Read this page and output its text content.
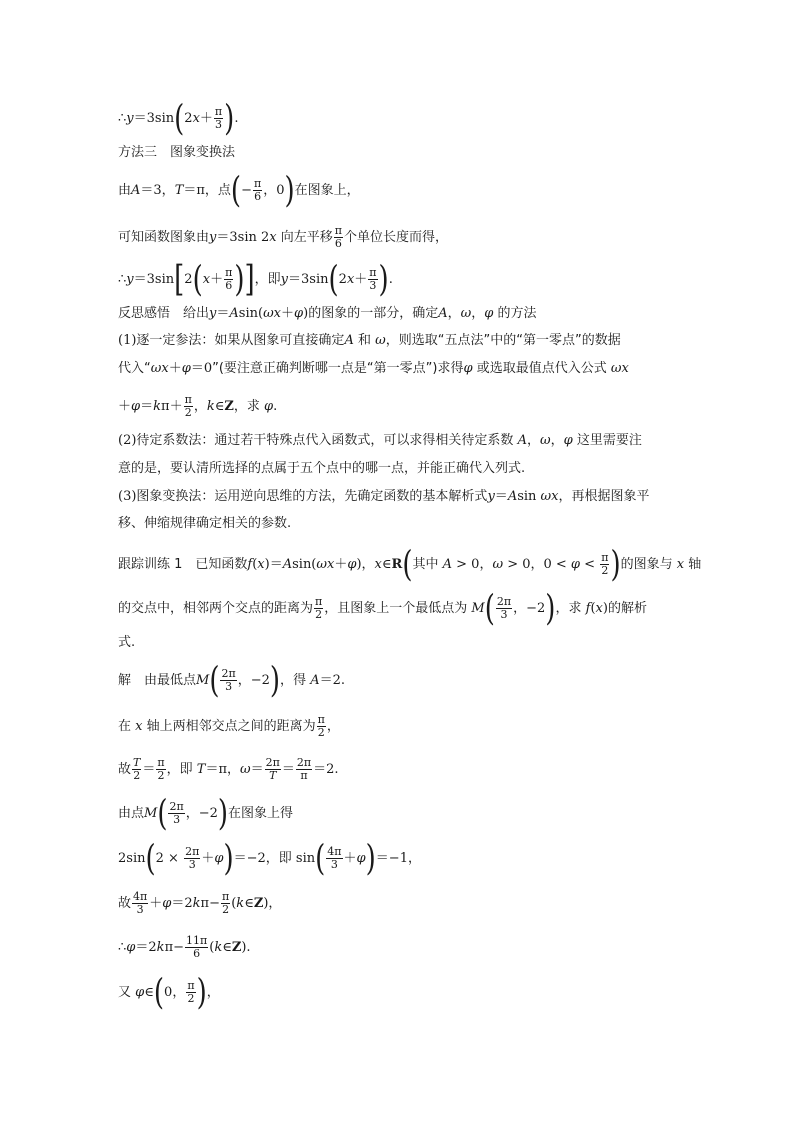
∴y＝3sin(2x＋ $\frac{\pi}{3}$ ).
方法三　图象变换法
由A＝3，T＝π，点(− $\frac{\pi}{6}$ ，0)在图象上，
可知函数图象由y＝3sin 2x 向左平移 $\frac{\pi}{6}$ 个单位长度而得，
∴y＝3sin[2(x＋ $\frac{\pi}{6}$ )]，即$y=3\sin(2x+ \frac{\pi}{3}$ ).
反思感悟　给出y＝Asin(ωx＋φ)的图象的一部分，确定A，ω，φ 的方法
(1)逐一定参法：如果从图象可直接确定A 和 ω，则选取“五点法”中的“第一零点”的数据
代入“ωx＋φ＝0”(要注意正确判断哪一点是“第一零点”)求得φ 或选取最值点代入公式 ωx
$+\varphi=k\pi+ \frac{\pi}{2}$ ，k∈Z，求 φ.
(2)待定系数法：通过若干特殊点代入函数式，可以求得相关待定系数 A，ω，φ 这里需要注
意的是，要认清所选择的点属于五个点中的哪一点，并能正确代入列式.
(3)图象变换法：运用逆向思维的方法，先确定函数的基本解析式y＝Asin ωx，再根据图象平
移、伸缩规律确定相关的参数.
跟踪训练 1　已知函数f(x)＝Asin(ωx＋φ)，x∈R(其中 A > 0，ω > 0，$0 < \varphi < \frac{\pi}{2}$ )的图象与 x 轴
的交点中，相邻两个交点的距离为 $\frac{\pi}{2}$ ，且图象上一个最低点为 $M( \frac{2\pi}{3}$ ，−2)，求 f(x)的解析
式.
解　由最低点$M( \frac{2\pi}{3}$ ，−2)，得 A＝2.
在 x 轴上两相邻交点之间的距离为 $\frac{\pi}{2}$ ，
故 $\frac{T}{2} = \frac{\pi}{2}$ ，即 T＝π，$\omega= \frac{2\pi}{T} = \frac{2\pi}{\pi} =2$.
由点$M( \frac{2\pi}{3}$ ，−2)在图象上得
$2\sin(2 \times \frac{2\pi}{3} +\varphi)=-2$，即 $\sin( \frac{4\pi}{3} +\varphi)=-1$，
故 $\frac{4\pi}{3} +\varphi=2k\pi- \frac{\pi}{2}$ (k∈Z)，
∴φ＝2kπ− $\frac{11\pi}{6}$ (k∈Z).
又 φ∈(0， $\frac{\pi}{2}$ )，
